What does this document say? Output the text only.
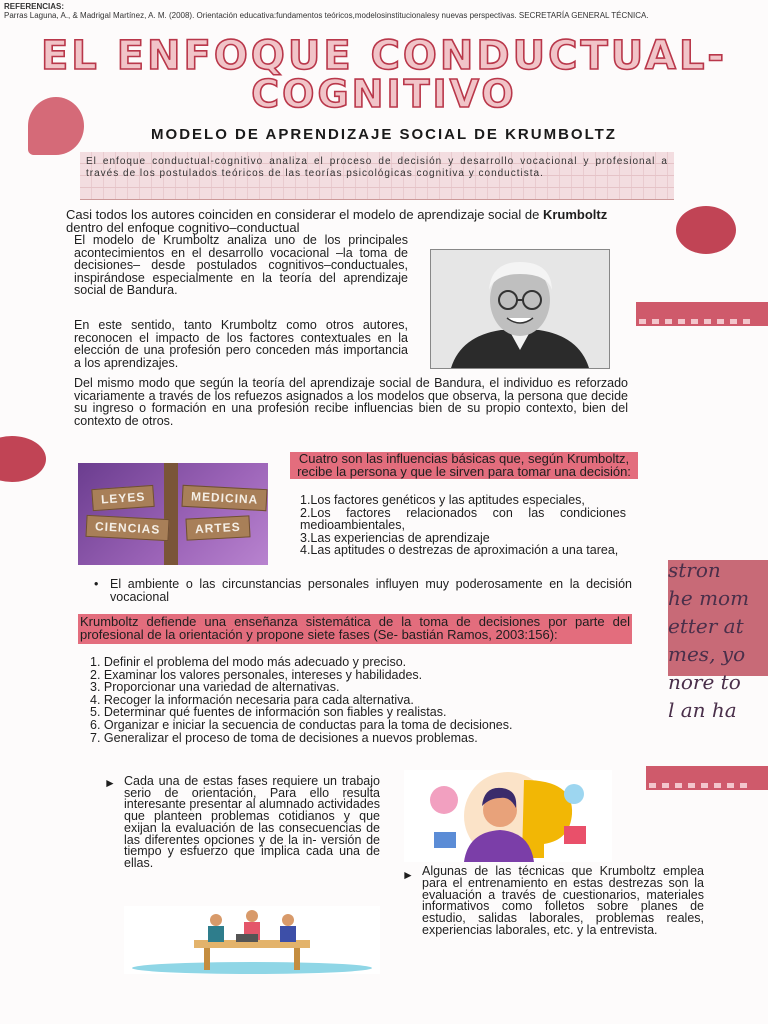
REFERENCIAS:
Parras Laguna, A., & Madrigal Martínez, A. M. (2008). Orientación educativa:fundamentos teóricos,modelosinstitucionalesy nuevas perspectivas. SECRETARÍA GENERAL TÉCNICA.
EL ENFOQUE CONDUCTUAL-
COGNITIVO
MODELO DE APRENDIZAJE SOCIAL DE KRUMBOLTZ
El enfoque conductual-cognitivo analiza el proceso de decisión y desarrollo vocacional y profesional a través de los postulados teóricos de las teorías psicológicas cognitiva y conductista.
Casi todos los autores coinciden en considerar el modelo de aprendizaje social de Krumboltz dentro del enfoque cognitivo–conductual
El modelo de Krumboltz analiza uno de los principales acontecimientos en el desarrollo vocacional –la toma de decisiones– desde postulados cognitivos–conductuales, inspirándose especialmente en la teoría del aprendizaje social de Bandura.
En este sentido, tanto Krumboltz como otros autores, reconocen el impacto de los factores contextuales en la elección de una profesión pero conceden más importancia a los aprendizajes.
Del mismo modo que según la teoría del aprendizaje social de Bandura, el individuo es reforzado vicariamente a través de los refuezos asignados a los modelos que observa, la persona que decide su ingreso o formación en una profesión recibe influencias bien de su propio contexto, bien del contexto de otros.
LEYES	MEDICINA
CIENCIAS	ARTES
Cuatro son las influencias básicas que, según Krumboltz, recibe la persona y que le sirven para tomar una decisión:
1.Los factores genéticos y las aptitudes especiales,
2.Los factores relacionados con las condiciones medioambientales,
3.Las experiencias de aprendizaje
4.Las aptitudes o destrezas de aproximación a una tarea,
• El ambiente o las circunstancias personales influyen muy poderosamente en la decisión vocacional
stron
he mom
etter at
mes, yo
nore to
l an ha
Krumboltz defiende una enseñanza sistemática de la toma de decisiones por parte del profesional de la orientación y propone siete fases (Se- bastián Ramos, 2003:156):
1. Definir el problema del modo más adecuado y preciso.
2. Examinar los valores personales, intereses y habilidades.
3. Proporcionar una variedad de alternativas.
4. Recoger la información necesaria para cada alternativa.
5. Determinar qué fuentes de información son fiables y realistas.
6. Organizar e iniciar la secuencia de conductas para la toma de decisiones.
7. Generalizar el proceso de toma de decisiones a nuevos problemas.
► Cada una de estas fases requiere un trabajo serio de orientación, Para ello resulta interesante presentar al alumnado actividades que planteen problemas cotidianos y que exijan la evaluación de las consecuencias de las diferentes opciones y de la in- versión de tiempo y esfuerzo que implica cada una de ellas.
► Algunas de las técnicas que Krumboltz emplea para el entrenamiento en estas destrezas son la evaluación a través de cuestionarios, materiales informativos como folletos sobre planes de estudio, salidas laborales, problemas reales, experiencias laborales, etc. y la entrevista.
